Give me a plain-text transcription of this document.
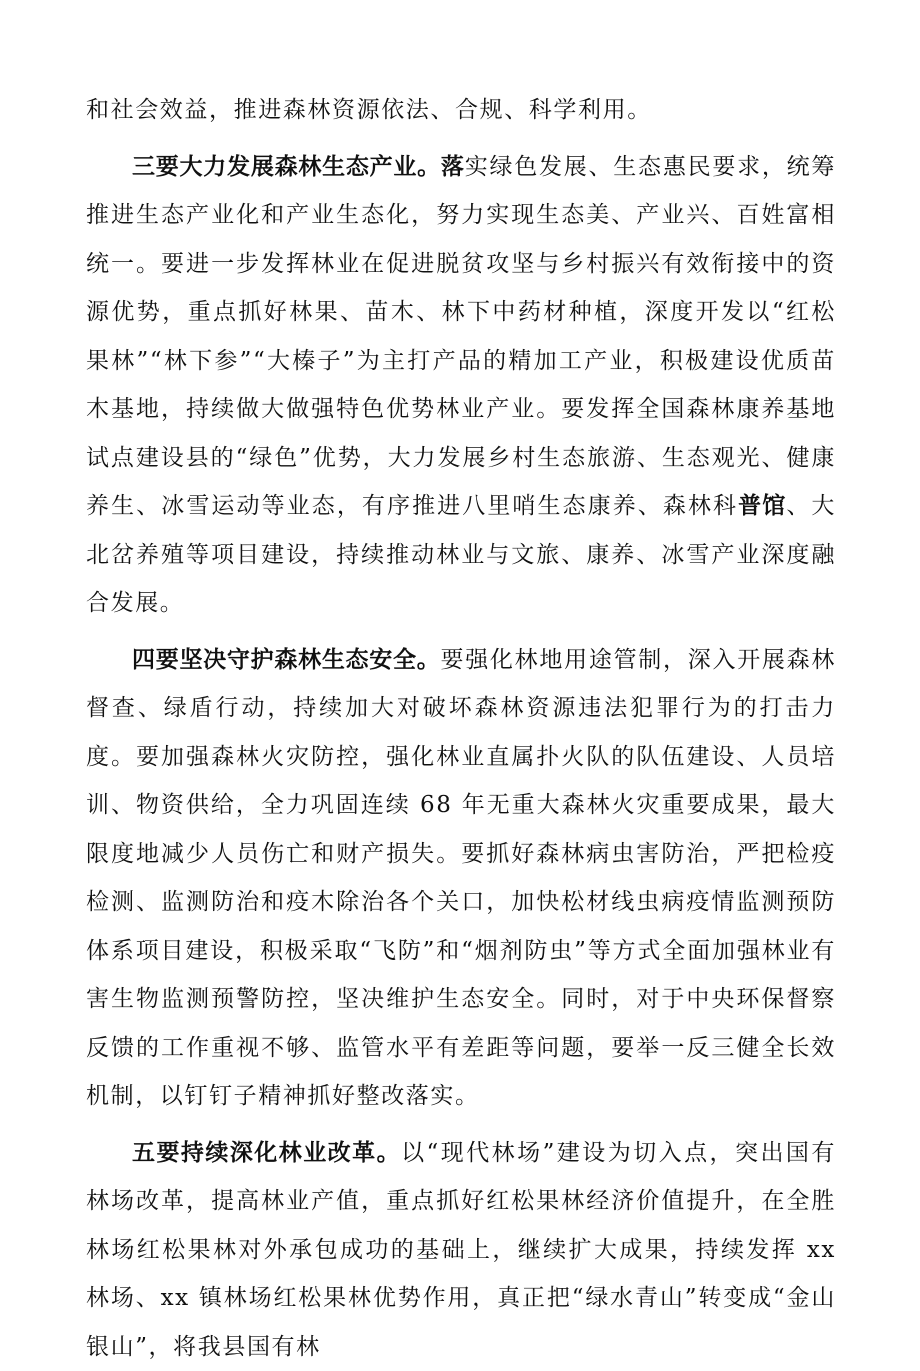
和社会效益，推进森林资源依法、合规、科学利用。

三要大力发展森林生态产业。落实绿色发展、生态惠民要求，统筹推进生态产业化和产业生态化，努力实现生态美、产业兴、百姓富相统一。要进一步发挥林业在促进脱贫攻坚与乡村振兴有效衔接中的资源优势，重点抓好林果、苗木、林下中药材种植，深度开发以“红松果林”“林下参”“大榛子”为主打产品的精加工产业，积极建设优质苗木基地，持续做大做强特色优势林业产业。要发挥全国森林康养基地试点建设县的“绿色”优势，大力发展乡村生态旅游、生态观光、健康养生、冰雪运动等业态，有序推进八里哨生态康养、森林科普馆、大北岔养殖等项目建设，持续推动林业与文旅、康养、冰雪产业深度融合发展。

四要坚决守护森林生态安全。要强化林地用途管制，深入开展森林督查、绿盾行动，持续加大对破坏森林资源违法犯罪行为的打击力度。要加强森林火灾防控，强化林业直属扑火队的队伍建设、人员培训、物资供给，全力巩固连续 68 年无重大森林火灾重要成果，最大限度地减少人员伤亡和财产损失。要抓好森林病虫害防治，严把检疫检测、监测防治和疫木除治各个关口，加快松材线虫病疫情监测预防体系项目建设，积极采取“飞防”和“烟剂防虫”等方式全面加强林业有害生物监测预警防控，坚决维护生态安全。同时，对于中央环保督察反馈的工作重视不够、监管水平有差距等问题，要举一反三健全长效机制，以钉钉子精神抓好整改落实。

五要持续深化林业改革。以“现代林场”建设为切入点，突出国有林场改革，提高林业产值，重点抓好红松果林经济价值提升，在全胜林场红松果林对外承包成功的基础上，继续扩大成果，持续发挥 xx 林场、xx 镇林场红松果林优势作用，真正把“绿水青山”转变成“金山银山”，将我县国有林
